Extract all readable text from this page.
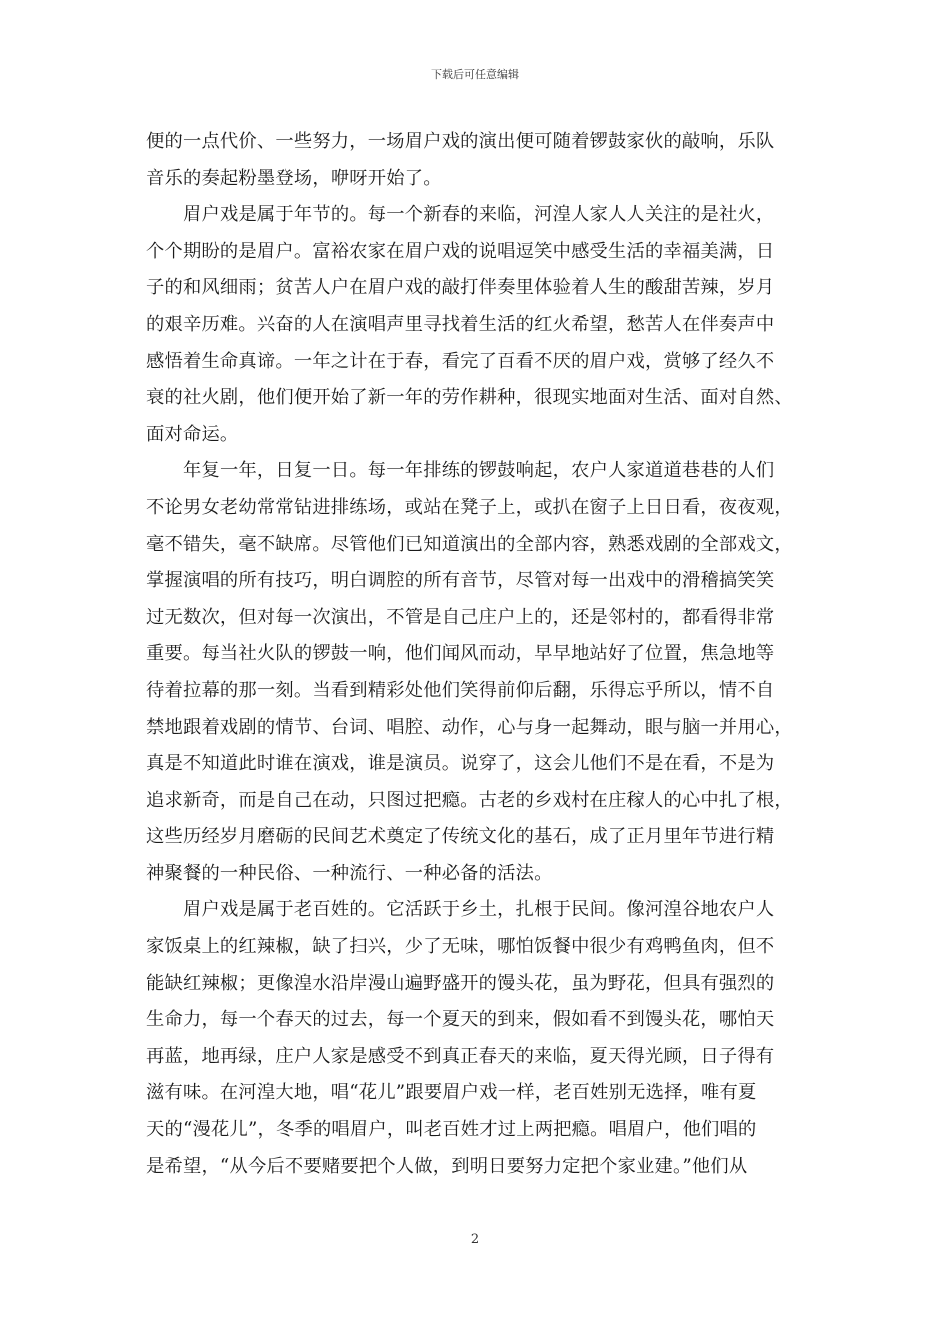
下载后可任意编辑
便的一点代价、一些努力，一场眉户戏的演出便可随着锣鼓家伙的敲响，乐队
音乐的奏起粉墨登场，咿呀开始了。
眉户戏是属于年节的。每一个新春的来临，河湟人家人人关注的是社火，
个个期盼的是眉户。富裕农家在眉户戏的说唱逗笑中感受生活的幸福美满，日
子的和风细雨；贫苦人户在眉户戏的敲打伴奏里体验着人生的酸甜苦辣，岁月
的艰辛历难。兴奋的人在演唱声里寻找着生活的红火希望，愁苦人在伴奏声中
感悟着生命真谛。一年之计在于春，看完了百看不厌的眉户戏，赏够了经久不
衰的社火剧，他们便开始了新一年的劳作耕种，很现实地面对生活、面对自然、
面对命运。
年复一年，日复一日。每一年排练的锣鼓响起，农户人家道道巷巷的人们
不论男女老幼常常钻进排练场，或站在凳子上，或扒在窗子上日日看，夜夜观，
毫不错失，毫不缺席。尽管他们已知道演出的全部内容，熟悉戏剧的全部戏文，
掌握演唱的所有技巧，明白调腔的所有音节，尽管对每一出戏中的滑稽搞笑笑
过无数次，但对每一次演出，不管是自己庄户上的，还是邻村的，都看得非常
重要。每当社火队的锣鼓一响，他们闻风而动，早早地站好了位置，焦急地等
待着拉幕的那一刻。当看到精彩处他们笑得前仰后翻，乐得忘乎所以，情不自
禁地跟着戏剧的情节、台词、唱腔、动作，心与身一起舞动，眼与脑一并用心，
真是不知道此时谁在演戏，谁是演员。说穿了，这会儿他们不是在看，不是为
追求新奇，而是自己在动，只图过把瘾。古老的乡戏村在庄稼人的心中扎了根，
这些历经岁月磨砺的民间艺术奠定了传统文化的基石，成了正月里年节进行精
神聚餐的一种民俗、一种流行、一种必备的活法。
眉户戏是属于老百姓的。它活跃于乡土，扎根于民间。像河湟谷地农户人
家饭桌上的红辣椒，缺了扫兴，少了无味，哪怕饭餐中很少有鸡鸭鱼肉，但不
能缺红辣椒；更像湟水沿岸漫山遍野盛开的馒头花，虽为野花，但具有强烈的
生命力，每一个春天的过去，每一个夏天的到来，假如看不到馒头花，哪怕天
再蓝，地再绿，庄户人家是感受不到真正春天的来临，夏天得光顾，日子得有
滋有味。在河湟大地，唱“花儿”跟要眉户戏一样，老百姓别无选择，唯有夏
天的“漫花儿”，冬季的唱眉户，叫老百姓才过上两把瘾。唱眉户，他们唱的
是希望，“从今后不要赌要把个人做，到明日要努力定把个家业建。”他们从
2
